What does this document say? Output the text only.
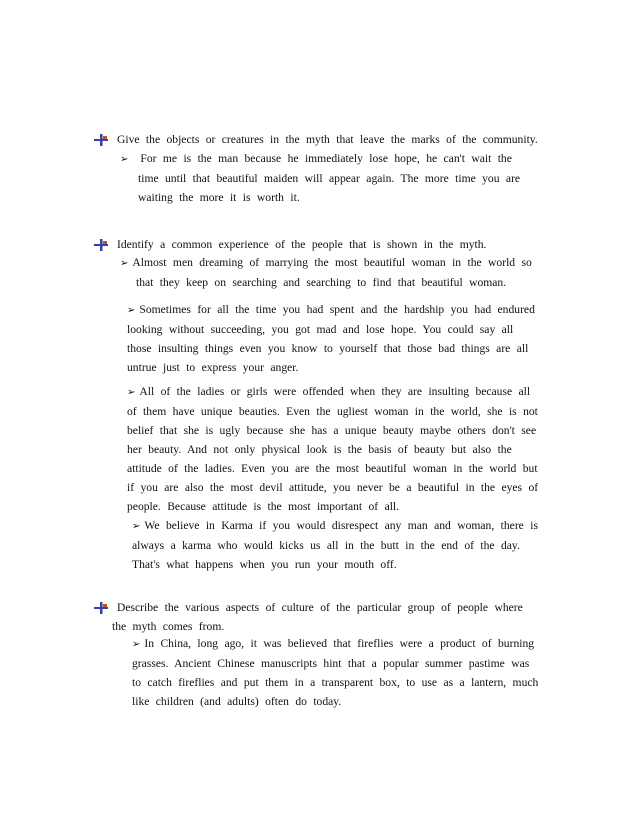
Give the objects or creatures in the myth that leave the marks of the community.
➢ For me is the man because he immediately lose hope, he can't wait the
time until that beautiful maiden will appear again. The more time you are
waiting the more it is worth it.
Identify a common experience of the people that is shown in the myth.
➢ Almost men dreaming of marrying the most beautiful woman in the world so
that they keep on searching and searching to find that beautiful woman.
➢ Sometimes for all the time you had spent and the hardship you had endured
looking without succeeding, you got mad and lose hope. You could say all
those insulting things even you know to yourself that those bad things are all
untrue just to express your anger.
➢ All of the ladies or girls were offended when they are insulting because all
of them have unique beauties. Even the ugliest woman in the world, she is not
belief that she is ugly because she has a unique beauty maybe others don't see
her beauty. And not only physical look is the basis of beauty but also the
attitude of the ladies. Even you are the most beautiful woman in the world but
if you are also the most devil attitude, you never be a beautiful in the eyes of
people. Because attitude is the most important of all.
➢ We believe in Karma if you would disrespect any man and woman, there is
always a karma who would kicks us all in the butt in the end of the day.
That's what happens when you run your mouth off.
Describe the various aspects of culture of the particular group of people where
the myth comes from.
➢ In China, long ago, it was believed that fireflies were a product of burning
grasses. Ancient Chinese manuscripts hint that a popular summer pastime was
to catch fireflies and put them in a transparent box, to use as a lantern, much
like children (and adults) often do today.
